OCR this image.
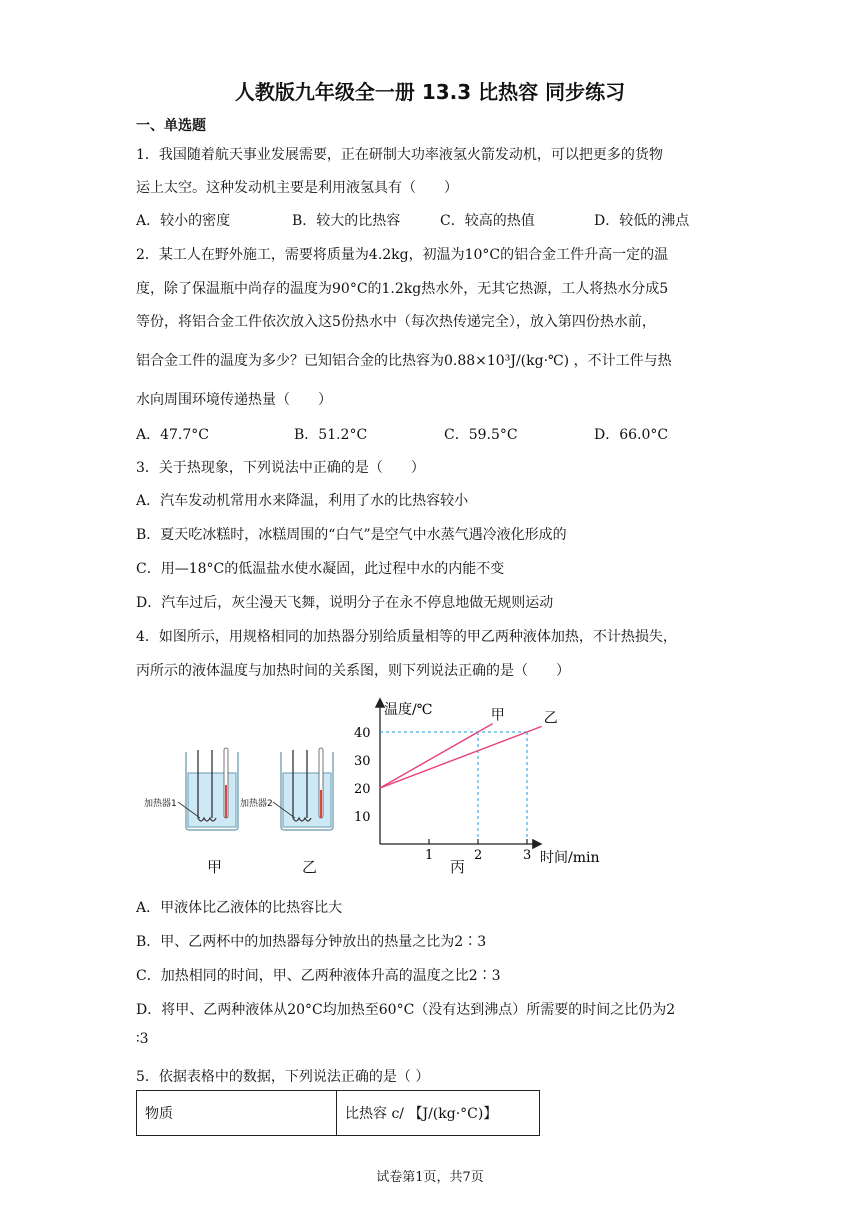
人教版九年级全一册 13.3 比热容 同步练习
一、单选题
1．我国随着航天事业发展需要，正在研制大功率液氢火箭发动机，可以把更多的货物
运上太空。这种发动机主要是利用液氢具有（　　）
A．较小的密度	B．较大的比热容	C．较高的热值	D．较低的沸点
2．某工人在野外施工，需要将质量为4.2kg，初温为10°C的铝合金工件升高一定的温
度，除了保温瓶中尚存的温度为90°C的1.2kg热水外，无其它热源，工人将热水分成5
等份，将铝合金工件依次放入这5份热水中（每次热传递完全），放入第四份热水前，
铝合金工件的温度为多少？已知铝合金的比热容为0.88×10³J/(kg·℃) ，不计工件与热
水向周围环境传递热量（　　）
A．47.7°C	B．51.2°C	C．59.5°C	D．66.0°C
3．关于热现象，下列说法中正确的是（　　）
A．汽车发动机常用水来降温，利用了水的比热容较小
B．夏天吃冰糕时，冰糕周围的“白气”是空气中水蒸气遇冷液化形成的
C．用—18°C的低温盐水使水凝固，此过程中水的内能不变
D．汽车过后，灰尘漫天飞舞，说明分子在永不停息地做无规则运动
4．如图所示，用规格相同的加热器分别给质量相等的甲乙两种液体加热，不计热损失，
丙所示的液体温度与加热时间的关系图，则下列说法正确的是（　　）
加热器1	加热器2
甲	乙	丙
甲	乙
1	2	3
10
20
30
40
温度/℃
时间/min
A．甲液体比乙液体的比热容比大
B．甲、乙两杯中的加热器每分钟放出的热量之比为2∶3
C．加热相同的时间，甲、乙两种液体升高的温度之比2∶3
D．将甲、乙两种液体从20°C均加热至60°C（没有达到沸点）所需要的时间之比仍为2
∶3
5．依据表格中的数据，下列说法正确的是（ ）
物质	比热容 c/ 【J/(kg·°C)】
试卷第1页，共7页
